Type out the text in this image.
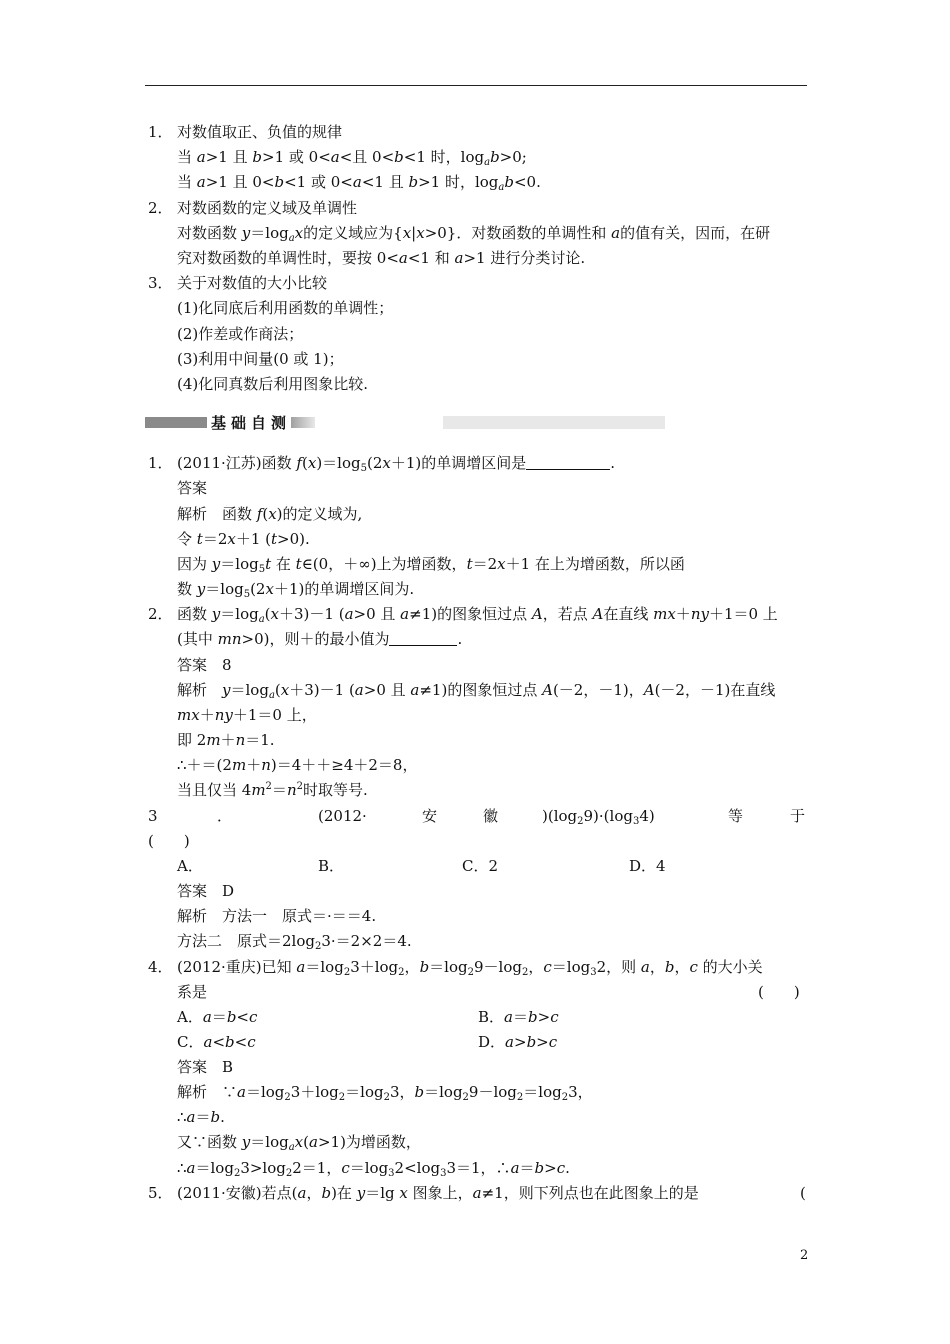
1． 对数值取正、负值的规律
当 a>1 且 b>1 或 0<a<且 0<b<1 时，$\log_ab>0$;
当 a>1 且 0<b<1 或 0<a<1 且 b>1 时，$\log_ab<0$.
2． 对数函数的定义域及单调性
对数函数 $y=\log_ax$的定义域应为{x|x>0}．对数函数的单调性和 a的值有关，因而，在研
究对数函数的单调性时，要按 0<a<1 和 a>1 进行分类讨论.
3． 关于对数值的大小比较
(1)化同底后利用函数的单调性；
(2)作差或作商法；
(3)利用中间量(0 或 1)；
(4)化同真数后利用图象比较.
基础自测
1． (2011·江苏)函数 $f(x)=\log_5(2x+1)$的单调增区间是	.
答案
解析　函数 f(x)的定义域为,
令 t＝2x＋1 (t>0).
因为 $y=\log_5t$ 在 t∈(0，＋∞)上为增函数，t＝2x＋1 在上为增函数，所以函
数 $y=\log_5(2x+1)$的单调增区间为.
2． 函数 $y=\log_a(x+3)-1$ (a>0 且 a≠1)的图象恒过点 A，若点 A在直线 mx＋ny＋1＝0 上
(其中 mn>0)，则＋的最小值为	.
答案　8
解析　$y=\log_a(x+3)-1$ (a>0 且 a≠1)的图象恒过点 A(－2，－1)，A(－2，－1)在直线
mx＋ny＋1＝0 上，
即 2m＋n＝1.
∴＋＝(2m＋n)＝4＋＋≥4＋2＝8，
当且仅当 $4m^2=n^2$时取等号.
3	．	(2012·	安	徽	)$(\log_29)\cdot(\log_34)$	等	于
(　　)
A．	B．	C．2	D．4
答案　D
解析　方法一　原式＝·＝＝4.
方法二　原式$=2\log_23\cdot=2\times 2=4$.
4． (2012·重庆)已知 $a=\log_23+\log_2$，$b=\log_29-\log_2$，$c=\log_32$，则 a，b，c 的大小关
系是	(　　)
A．a＝b<c	B．a＝b>c
C．a<b<c	D．a>b>c
答案　B
解析　$\because a=\log_23+\log_2=\log_23$，$b=\log_29-\log_2=\log_23$，
∴a＝b.
又∵函数 $y=\log_ax(a>1)$为增函数，
$\therefore a=\log_23>\log_22=1$，$c=\log_32<\log_33=1$，∴a＝b>c.
5． (2011·安徽)若点(a，b)在 y＝lg x 图象上，a≠1，则下列点也在此图象上的是	(
2
